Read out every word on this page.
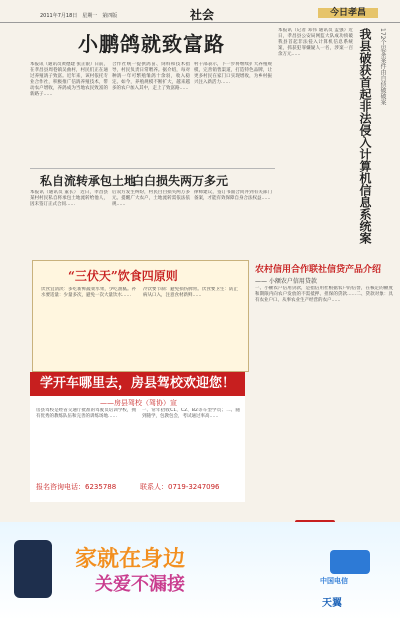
2011年7月18日　星期一　第四版	社会	今日孝昌
小鹏鸽就致富路 本报讯（通讯员黄德建 张正银）日前，在孝昌县周巷镇吴曲村，村民们正在通过养殖鸽子致富。近年来，该村依托专业合作社，积极推广信鸽养殖技术，带动农户增收，养鸽成为当地农民致富的新路子…… 合作社统一提供鸽苗、饲料和技术指导，村民负责日常喂养。据介绍，每对种鸽一年可繁殖雏鸽十余羽，收入稳定。如今，养殖规模不断扩大，越来越多的农户加入其中，走上了致富路…… 村干部表示，下一步将继续扩大养殖规模，完善销售渠道，打造特色品牌，让更多村民在家门口实现增收，为乡村振兴注入新活力…… 本报讯（记者 邓伟 通讯员 孟强）近日，孝昌县公安局网监大队成功侦破我县首起非法侵入计算机信息系统案，抓获犯罪嫌疑人一名，涉案一百余万元……	我县破获首起非法侵入计算机信息系统案 172个思茶案件由自侦破破案
私自流转承包土地
白白损失两万多元
本报讯（通讯员 董长） 近日，孝昌县某村村民私自将承包土地流转给他人，因未签订正式合同……
后双方发生纠纷，村民白白损失两万多元。提醒广大农户，土地流转需依法依规……
律师建议，签订书面合同并到有关部门备案，才能有效保障自身合法权益……
“三伏天”饮食四原则
饮食宜清淡：多吃新鲜蔬菜水果，少吃油腻。补水要适量：少量多次，避免一次大量饮水……
冷饮要节制：避免损伤脾胃。饮食要卫生：防止病从口入，注意食材新鲜……	农村信用合作联社信贷产品介绍
—— 小额农户信用贷款
一、小额农户信用贷款，是指信用社根据农户的信誉，在核定的额度和期限内向农户发放的不需抵押、担保的贷款……二、贷款对象：具有农业户口、从事农业生产经营的农户……
学开车哪里去，房县驾校欢迎您！
——房县驾校（驾协）宣
房县驾校是经省交通厅批准的驾驶员培训学校，拥有优秀的教练队伍和完善的训练场地……
一、常年招收C1、C2、B2等车型学员；二、随到随学，包教包会，考试通过率高……
报名咨询电话：6235788	联系人：0719-3247096
因业务发展需要，现面向社会招聘工作人员若干名，有意者请携带相关材料前来报名……
家就在身边
关爱不漏接	中国电信
天翼
